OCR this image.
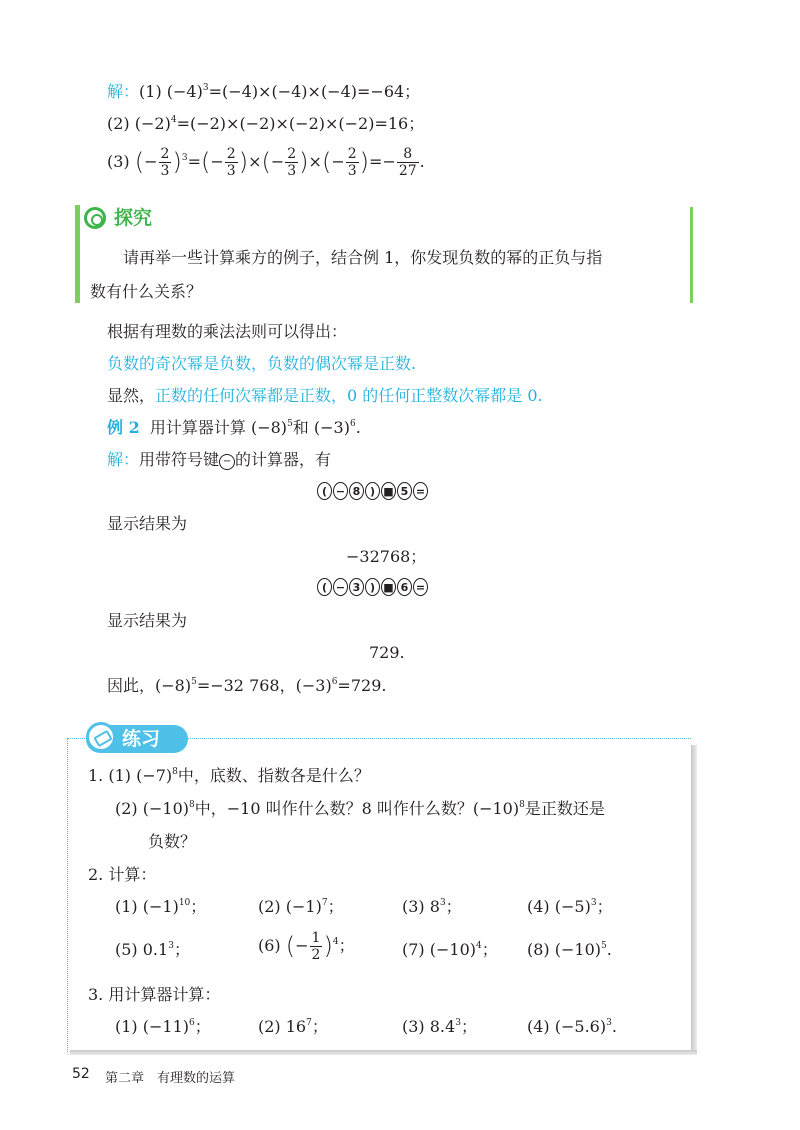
解：(1) $(-4)^3=(-4)\times(-4)\times(-4)=-64$；
(2) $(-2)^4=(-2)\times(-2)\times(-2)\times(-2)=16$；
(3) (− $\frac{2}{3} )^3=(- \frac{2}{3}$ )×(− $\frac{2}{3}$ )×(− $\frac{2}{3}$ )=− $\frac{8}{27}$ .
探究
请再举一些计算乘方的例子，结合例 1，你发现负数的幂的正负与指
数有什么关系？
根据有理数的乘法法则可以得出：
负数的奇次幂是负数，负数的偶次幂是正数.
显然，正数的任何次幂都是正数，0 的任何正整数次幂都是 0.
例 2 用计算器计算 $(-8)^5$和 $(-3)^6$.
解：用带符号键 − 的计算器，有
( − 8 ) ■ 5 =
显示结果为
−32768；
( − 3 ) ■ 6 =
显示结果为
729.
因此，$(-8)^5=-32$ 768，$(-3)^6=729$.
练习
1. (1) $(-7)^8$中，底数、指数各是什么？
(2) $(-10)^8$中，−10 叫作什么数？8 叫作什么数？$(-10)^8$是正数还是
负数？
2. 计算：
(1) $(-1)^{10}$；	(2) $(-1)^7$；	(3) $8^3$；	(4) $(-5)^3$；
(5) $0.1^3$；	(6) (− $\frac{1}{2} )^4$；	(7) $(-10)^4$； (8) $(-10)^5$.
3. 用计算器计算：
(1) $(-11)^6$；	(2) $16^7$；	(3) $8.4^3$；	(4) $(-5.6)^3$.
52 第二章　有理数的运算
